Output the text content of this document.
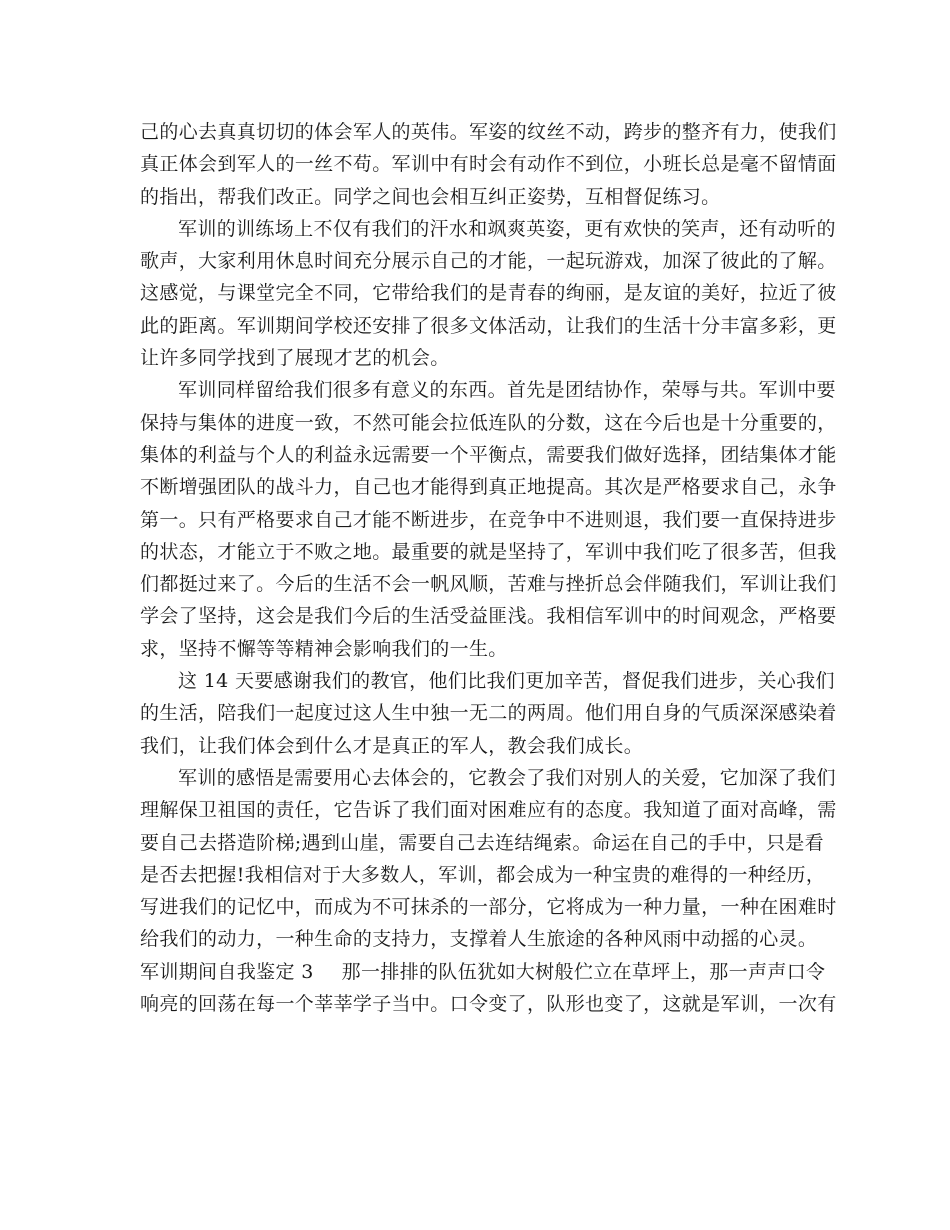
己的心去真真切切的体会军人的英伟。军姿的纹丝不动，跨步的整齐有力，使我们
真正体会到军人的一丝不苟。军训中有时会有动作不到位，小班长总是毫不留情面
的指出，帮我们改正。同学之间也会相互纠正姿势，互相督促练习。
军训的训练场上不仅有我们的汗水和飒爽英姿，更有欢快的笑声，还有动听的
歌声，大家利用休息时间充分展示自己的才能，一起玩游戏，加深了彼此的了解。
这感觉，与课堂完全不同，它带给我们的是青春的绚丽，是友谊的美好，拉近了彼
此的距离。军训期间学校还安排了很多文体活动，让我们的生活十分丰富多彩，更
让许多同学找到了展现才艺的机会。
军训同样留给我们很多有意义的东西。首先是团结协作，荣辱与共。军训中要
保持与集体的进度一致，不然可能会拉低连队的分数，这在今后也是十分重要的，
集体的利益与个人的利益永远需要一个平衡点，需要我们做好选择，团结集体才能
不断增强团队的战斗力，自己也才能得到真正地提高。其次是严格要求自己，永争
第一。只有严格要求自己才能不断进步，在竞争中不进则退，我们要一直保持进步
的状态，才能立于不败之地。最重要的就是坚持了，军训中我们吃了很多苦，但我
们都挺过来了。今后的生活不会一帆风顺，苦难与挫折总会伴随我们，军训让我们
学会了坚持，这会是我们今后的生活受益匪浅。我相信军训中的时间观念，严格要
求，坚持不懈等等精神会影响我们的一生。
这 14 天要感谢我们的教官，他们比我们更加辛苦，督促我们进步，关心我们
的生活，陪我们一起度过这人生中独一无二的两周。他们用自身的气质深深感染着
我们，让我们体会到什么才是真正的军人，教会我们成长。
军训的感悟是需要用心去体会的，它教会了我们对别人的关爱，它加深了我们
理解保卫祖国的责任，它告诉了我们面对困难应有的态度。我知道了面对高峰，需
要自己去搭造阶梯;遇到山崖，需要自己去连结绳索。命运在自己的手中，只是看
是否去把握!我相信对于大多数人，军训，都会成为一种宝贵的难得的一种经历，
写进我们的记忆中，而成为不可抹杀的一部分，它将成为一种力量，一种在困难时
给我们的动力，一种生命的支持力，支撑着人生旅途的各种风雨中动摇的心灵。
军训期间自我鉴定 3 那一排排的队伍犹如大树般伫立在草坪上，那一声声口令
响亮的回荡在每一个莘莘学子当中。口令变了，队形也变了，这就是军训，一次有
